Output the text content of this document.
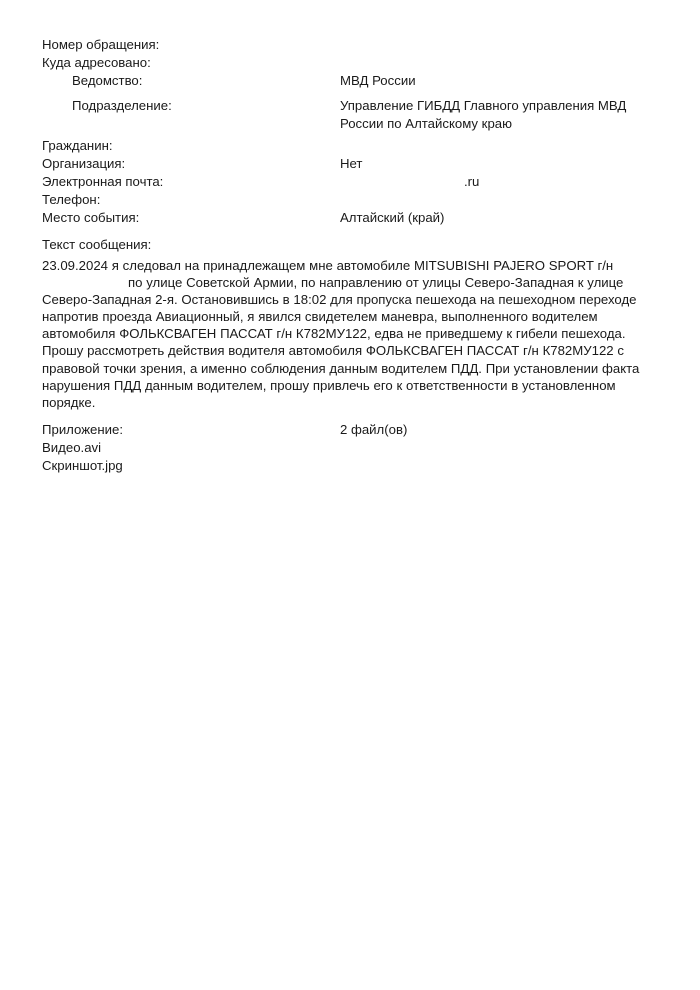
Номер обращения:
Куда адресовано:
Ведомство:	МВД России
Подразделение:	Управление ГИБДД Главного управления МВД России по Алтайскому краю
Гражданин:
Организация:	Нет
Электронная почта:	.ru
Телефон:
Место события:	Алтайский (край)
Текст сообщения:
23.09.2024 я следовал на принадлежащем мне автомобиле MITSUBISHI PAJERO SPORT г/нпо улице Советской Армии, по направлению от улицы Северо-Западная к улице Северо-Западная 2-я. Остановившись в 18:02 для пропуска пешехода на пешеходном переходе напротив проезда Авиационный, я явился свидетелем маневра, выполненного водителем автомобиля ФОЛЬКСВАГЕН ПАССАТ г/н К782МУ122, едва не приведшему к гибели пешехода. Прошу рассмотреть действия водителя автомобиля ФОЛЬКСВАГЕН ПАССАТ г/н К782МУ122 с правовой точки зрения, а именно соблюдения данным водителем ПДД. При установлении факта нарушения ПДД данным водителем, прошу привлечь его к ответственности в установленном порядке.
Приложение:	2 файл(ов)
Видео.avi
Скриншот.jpg
